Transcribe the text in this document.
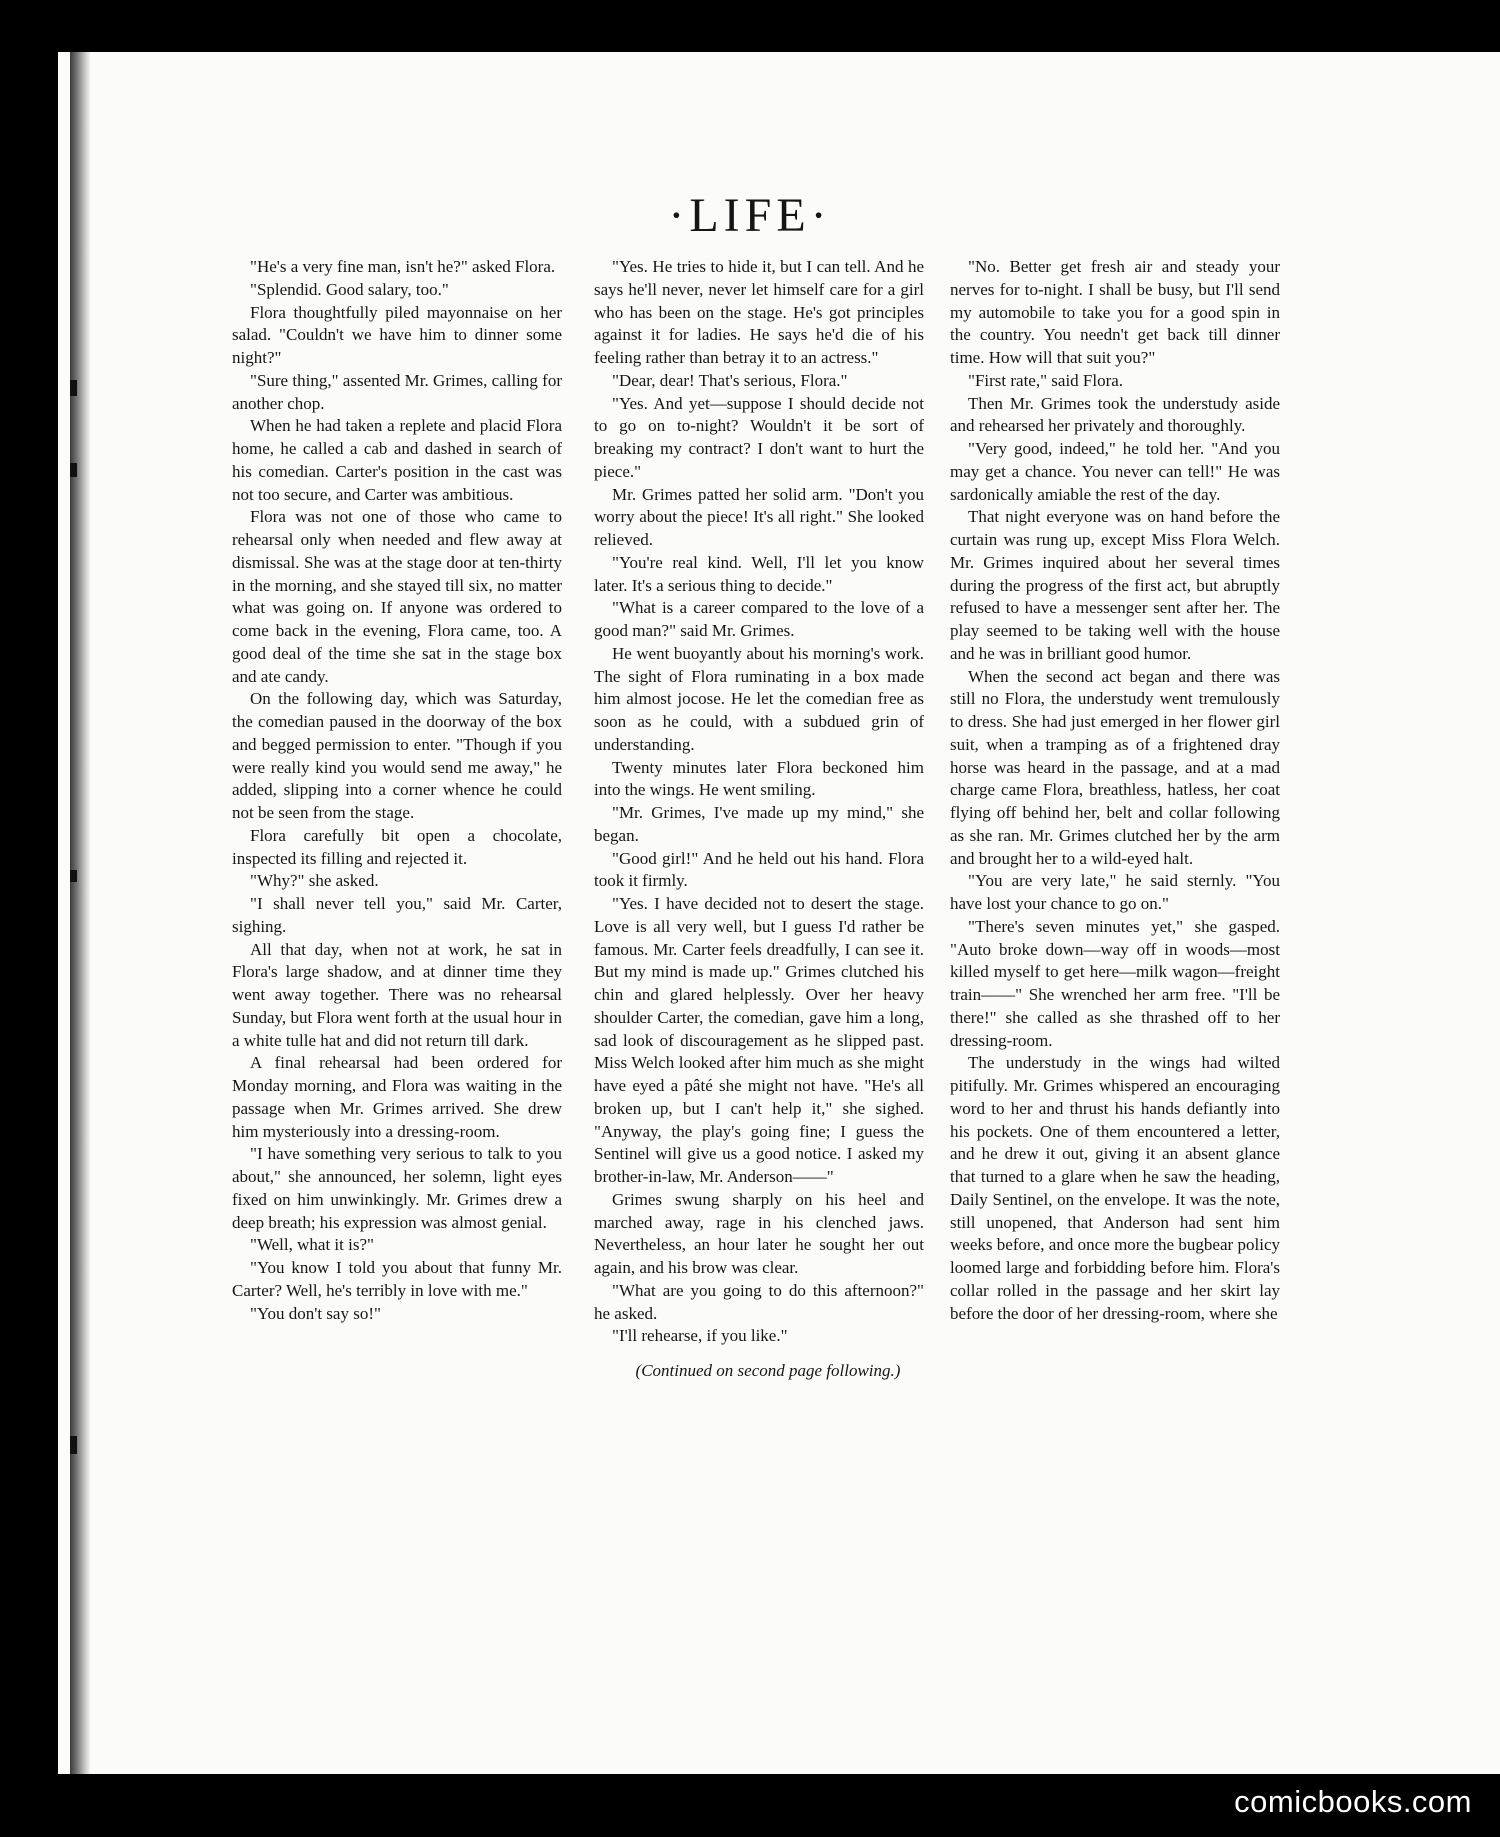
·LIFE·

"He's a very fine man, isn't he?" asked Flora.

"Splendid. Good salary, too."

Flora thoughtfully piled mayonnaise on her salad. "Couldn't we have him to dinner some night?"

"Sure thing," assented Mr. Grimes, calling for another chop.

When he had taken a replete and placid Flora home, he called a cab and dashed in search of his comedian. Carter's position in the cast was not too secure, and Carter was ambitious.

Flora was not one of those who came to rehearsal only when needed and flew away at dismissal. She was at the stage door at ten-thirty in the morning, and she stayed till six, no matter what was going on. If anyone was ordered to come back in the evening, Flora came, too. A good deal of the time she sat in the stage box and ate candy.

On the following day, which was Saturday, the comedian paused in the doorway of the box and begged permission to enter. "Though if you were really kind you would send me away," he added, slipping into a corner whence he could not be seen from the stage.

Flora carefully bit open a chocolate, inspected its filling and rejected it.

"Why?" she asked.

"I shall never tell you," said Mr. Carter, sighing.

All that day, when not at work, he sat in Flora's large shadow, and at dinner time they went away together. There was no rehearsal Sunday, but Flora went forth at the usual hour in a white tulle hat and did not return till dark.

A final rehearsal had been ordered for Monday morning, and Flora was waiting in the passage when Mr. Grimes arrived. She drew him mysteriously into a dressing-room.

"I have something very serious to talk to you about," she announced, her solemn, light eyes fixed on him unwinkingly. Mr. Grimes drew a deep breath; his expression was almost genial.

"Well, what it is?"

"You know I told you about that funny Mr. Carter? Well, he's terribly in love with me."

"You don't say so!"

"Yes. He tries to hide it, but I can tell. And he says he'll never, never let himself care for a girl who has been on the stage. He's got principles against it for ladies. He says he'd die of his feeling rather than betray it to an actress."

"Dear, dear! That's serious, Flora."

"Yes. And yet—suppose I should decide not to go on to-night? Wouldn't it be sort of breaking my contract? I don't want to hurt the piece."

Mr. Grimes patted her solid arm. "Don't you worry about the piece! It's all right." She looked relieved.

"You're real kind. Well, I'll let you know later. It's a serious thing to decide."

"What is a career compared to the love of a good man?" said Mr. Grimes.

He went buoyantly about his morning's work. The sight of Flora ruminating in a box made him almost jocose. He let the comedian free as soon as he could, with a subdued grin of understanding.

Twenty minutes later Flora beckoned him into the wings. He went smiling.

"Mr. Grimes, I've made up my mind," she began.

"Good girl!" And he held out his hand. Flora took it firmly.

"Yes. I have decided not to desert the stage. Love is all very well, but I guess I'd rather be famous. Mr. Carter feels dreadfully, I can see it. But my mind is made up." Grimes clutched his chin and glared helplessly. Over her heavy shoulder Carter, the comedian, gave him a long, sad look of discouragement as he slipped past. Miss Welch looked after him much as she might have eyed a pâté she might not have. "He's all broken up, but I can't help it," she sighed. "Anyway, the play's going fine; I guess the Sentinel will give us a good notice. I asked my brother-in-law, Mr. Anderson——"

Grimes swung sharply on his heel and marched away, rage in his clenched jaws. Nevertheless, an hour later he sought her out again, and his brow was clear.

"What are you going to do this afternoon?" he asked.

"I'll rehearse, if you like."

(Continued on second page following.)

"No. Better get fresh air and steady your nerves for to-night. I shall be busy, but I'll send my automobile to take you for a good spin in the country. You needn't get back till dinner time. How will that suit you?"

"First rate," said Flora.

Then Mr. Grimes took the understudy aside and rehearsed her privately and thoroughly.

"Very good, indeed," he told her. "And you may get a chance. You never can tell!" He was sardonically amiable the rest of the day.

That night everyone was on hand before the curtain was rung up, except Miss Flora Welch. Mr. Grimes inquired about her several times during the progress of the first act, but abruptly refused to have a messenger sent after her. The play seemed to be taking well with the house and he was in brilliant good humor.

When the second act began and there was still no Flora, the understudy went tremulously to dress. She had just emerged in her flower girl suit, when a tramping as of a frightened dray horse was heard in the passage, and at a mad charge came Flora, breathless, hatless, her coat flying off behind her, belt and collar following as she ran. Mr. Grimes clutched her by the arm and brought her to a wild-eyed halt.

"You are very late," he said sternly. "You have lost your chance to go on."

"There's seven minutes yet," she gasped. "Auto broke down—way off in woods—most killed myself to get here—milk wagon—freight train——" She wrenched her arm free. "I'll be there!" she called as she thrashed off to her dressing-room.

The understudy in the wings had wilted pitifully. Mr. Grimes whispered an encouraging word to her and thrust his hands defiantly into his pockets. One of them encountered a letter, and he drew it out, giving it an absent glance that turned to a glare when he saw the heading, Daily Sentinel, on the envelope. It was the note, still unopened, that Anderson had sent him weeks before, and once more the bugbear policy loomed large and forbidding before him. Flora's collar rolled in the passage and her skirt lay before the door of her dressing-room, where she

comicbooks.com
